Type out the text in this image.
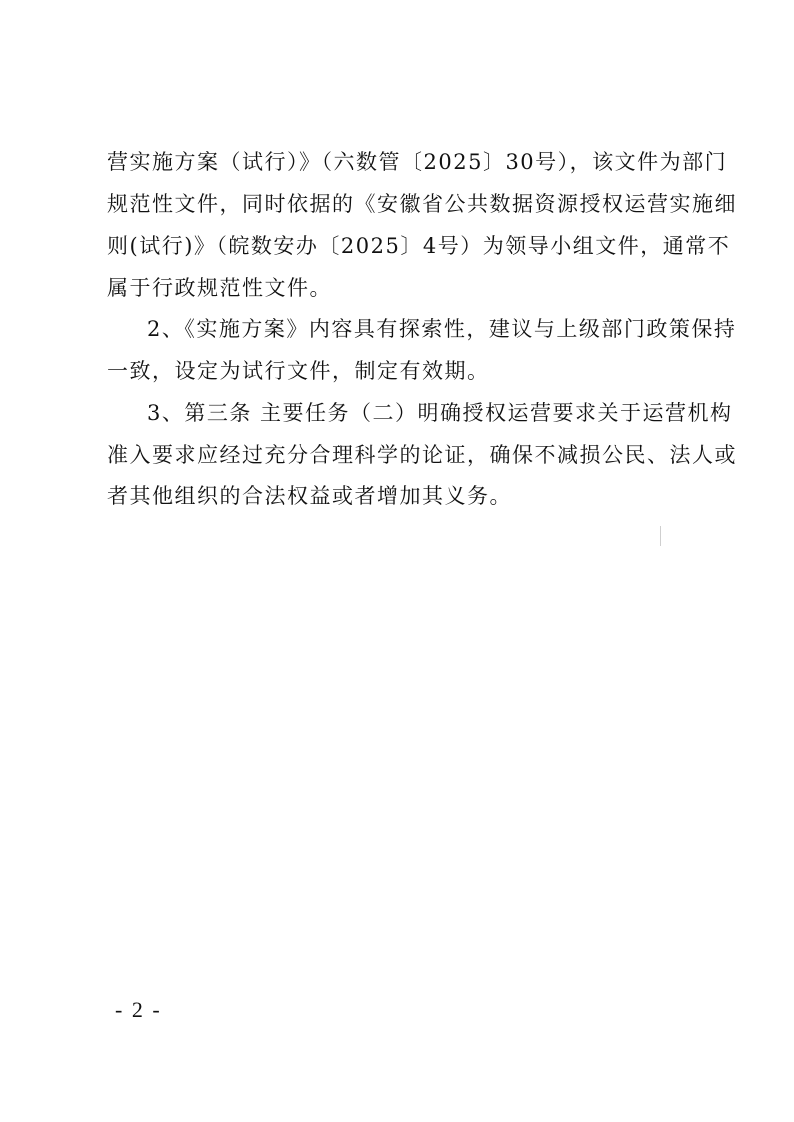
营实施方案（试行）》（六数管〔2025〕30号），该文件为部门
规范性文件，同时依据的《安徽省公共数据资源授权运营实施细
则(试行)》（皖数安办〔2025〕4号）为领导小组文件，通常不
属于行政规范性文件。
2、《实施方案》内容具有探索性，建议与上级部门政策保持
一致，设定为试行文件，制定有效期。
3、第三条 主要任务（二）明确授权运营要求关于运营机构
准入要求应经过充分合理科学的论证，确保不减损公民、法人或
者其他组织的合法权益或者增加其义务。
- 2 -
